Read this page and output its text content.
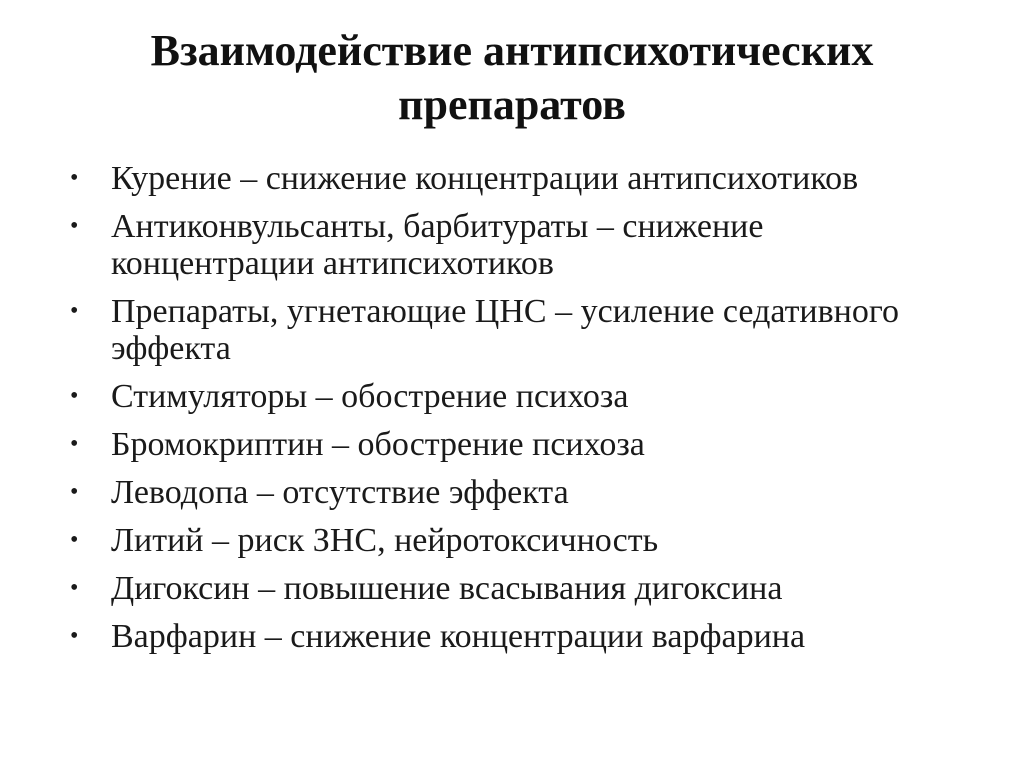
Взаимодействие антипсихотических препаратов
• Курение – снижение концентрации антипсихотиков
• Антиконвульсанты, барбитураты – снижение концентрации антипсихотиков
• Препараты, угнетающие ЦНС – усиление седативного эффекта
• Стимуляторы – обострение психоза
• Бромокриптин – обострение психоза
• Леводопа – отсутствие эффекта
• Литий – риск ЗНС, нейротоксичность
• Дигоксин – повышение всасывания дигоксина
• Варфарин – снижение концентрации варфарина
